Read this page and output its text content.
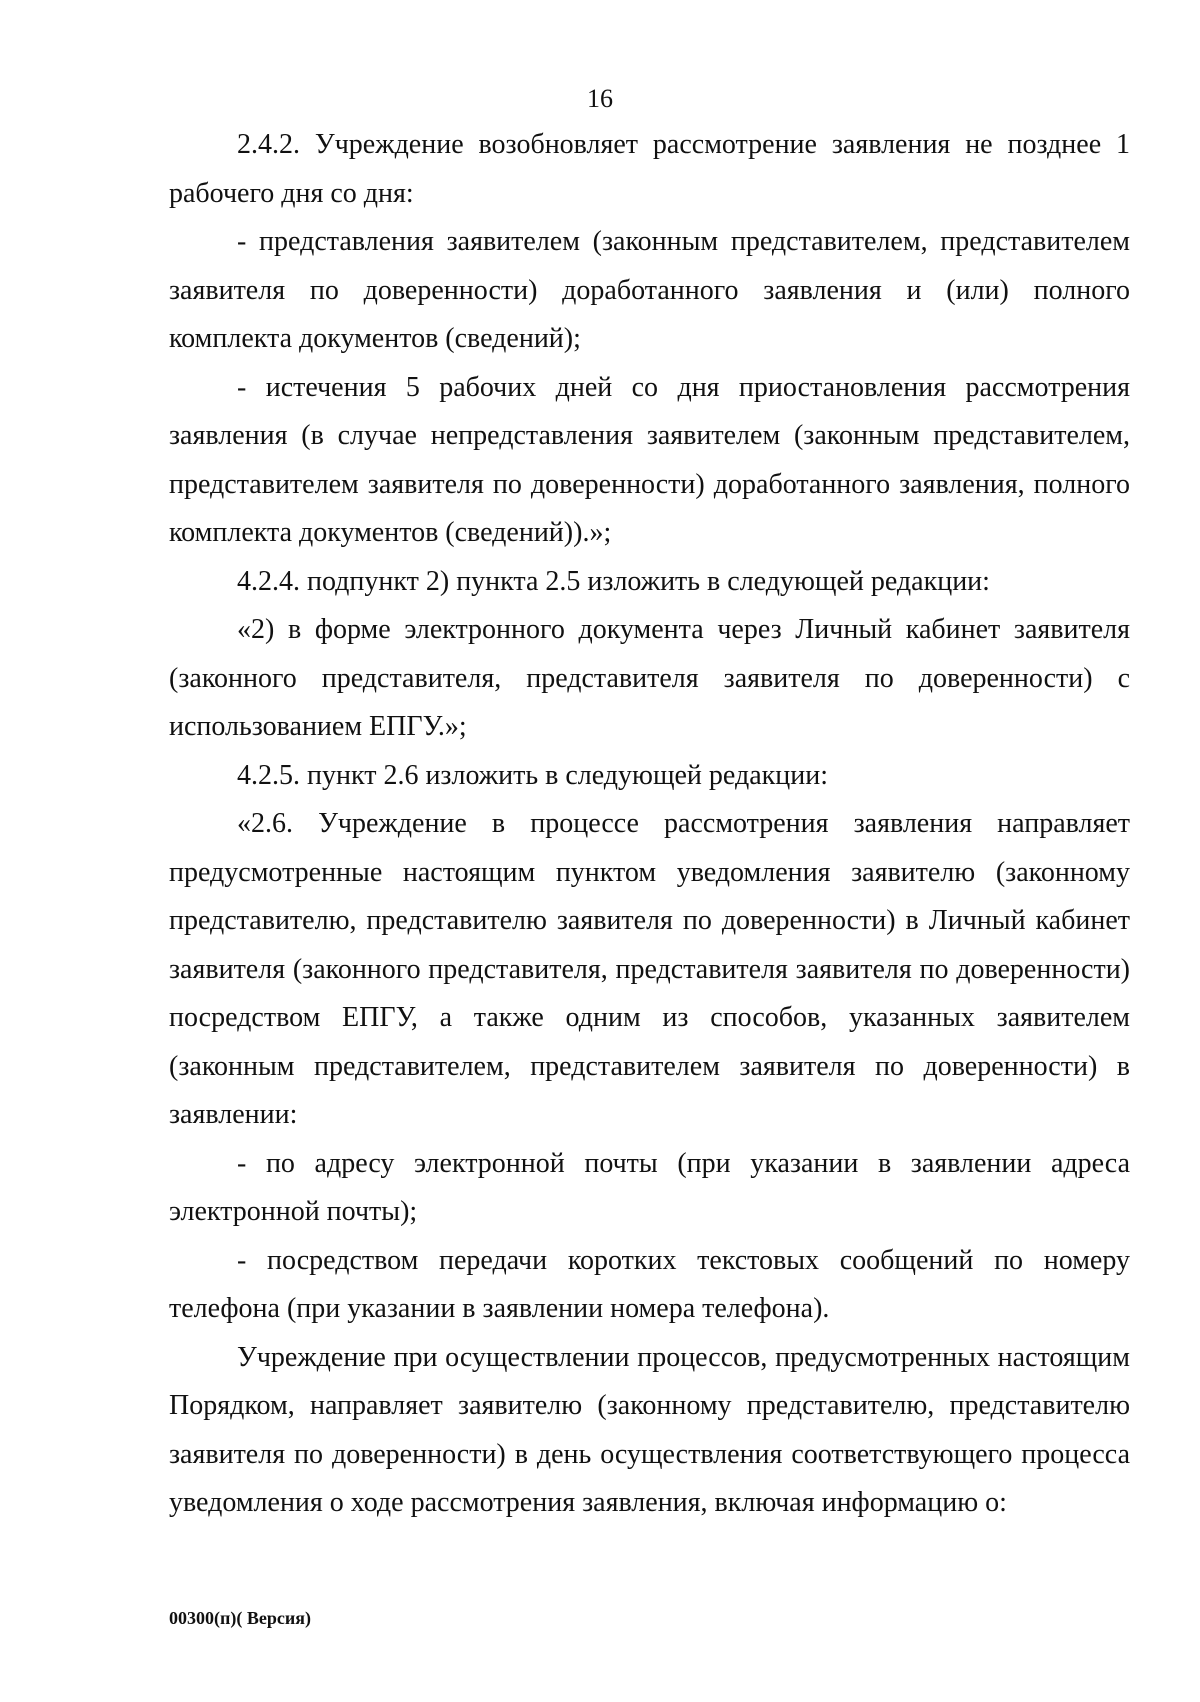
16

2.4.2. Учреждение возобновляет рассмотрение заявления не позднее 1 рабочего дня со дня:

- представления заявителем (законным представителем, представителем заявителя по доверенности) доработанного заявления и (или) полного комплекта документов (сведений);

- истечения 5 рабочих дней со дня приостановления рассмотрения заявления (в случае непредставления заявителем (законным представителем, представителем заявителя по доверенности) доработанного заявления, полного комплекта документов (сведений)).»;

4.2.4. подпункт 2) пункта 2.5 изложить в следующей редакции:

«2) в форме электронного документа через Личный кабинет заявителя (законного представителя, представителя заявителя по доверенности) с использованием ЕПГУ.»;

4.2.5. пункт 2.6 изложить в следующей редакции:

«2.6. Учреждение в процессе рассмотрения заявления направляет предусмотренные настоящим пунктом уведомления заявителю (законному представителю, представителю заявителя по доверенности) в Личный кабинет заявителя (законного представителя, представителя заявителя по доверенности) посредством ЕПГУ, а также одним из способов, указанных заявителем (законным представителем, представителем заявителя по доверенности) в заявлении:

- по адресу электронной почты (при указании в заявлении адреса электронной почты);

- посредством передачи коротких текстовых сообщений по номеру телефона (при указании в заявлении номера телефона).

Учреждение при осуществлении процессов, предусмотренных настоящим Порядком, направляет заявителю (законному представителю, представителю заявителя по доверенности) в день осуществления соответствующего процесса уведомления о ходе рассмотрения заявления, включая информацию о:

00300(п)( Версия)
